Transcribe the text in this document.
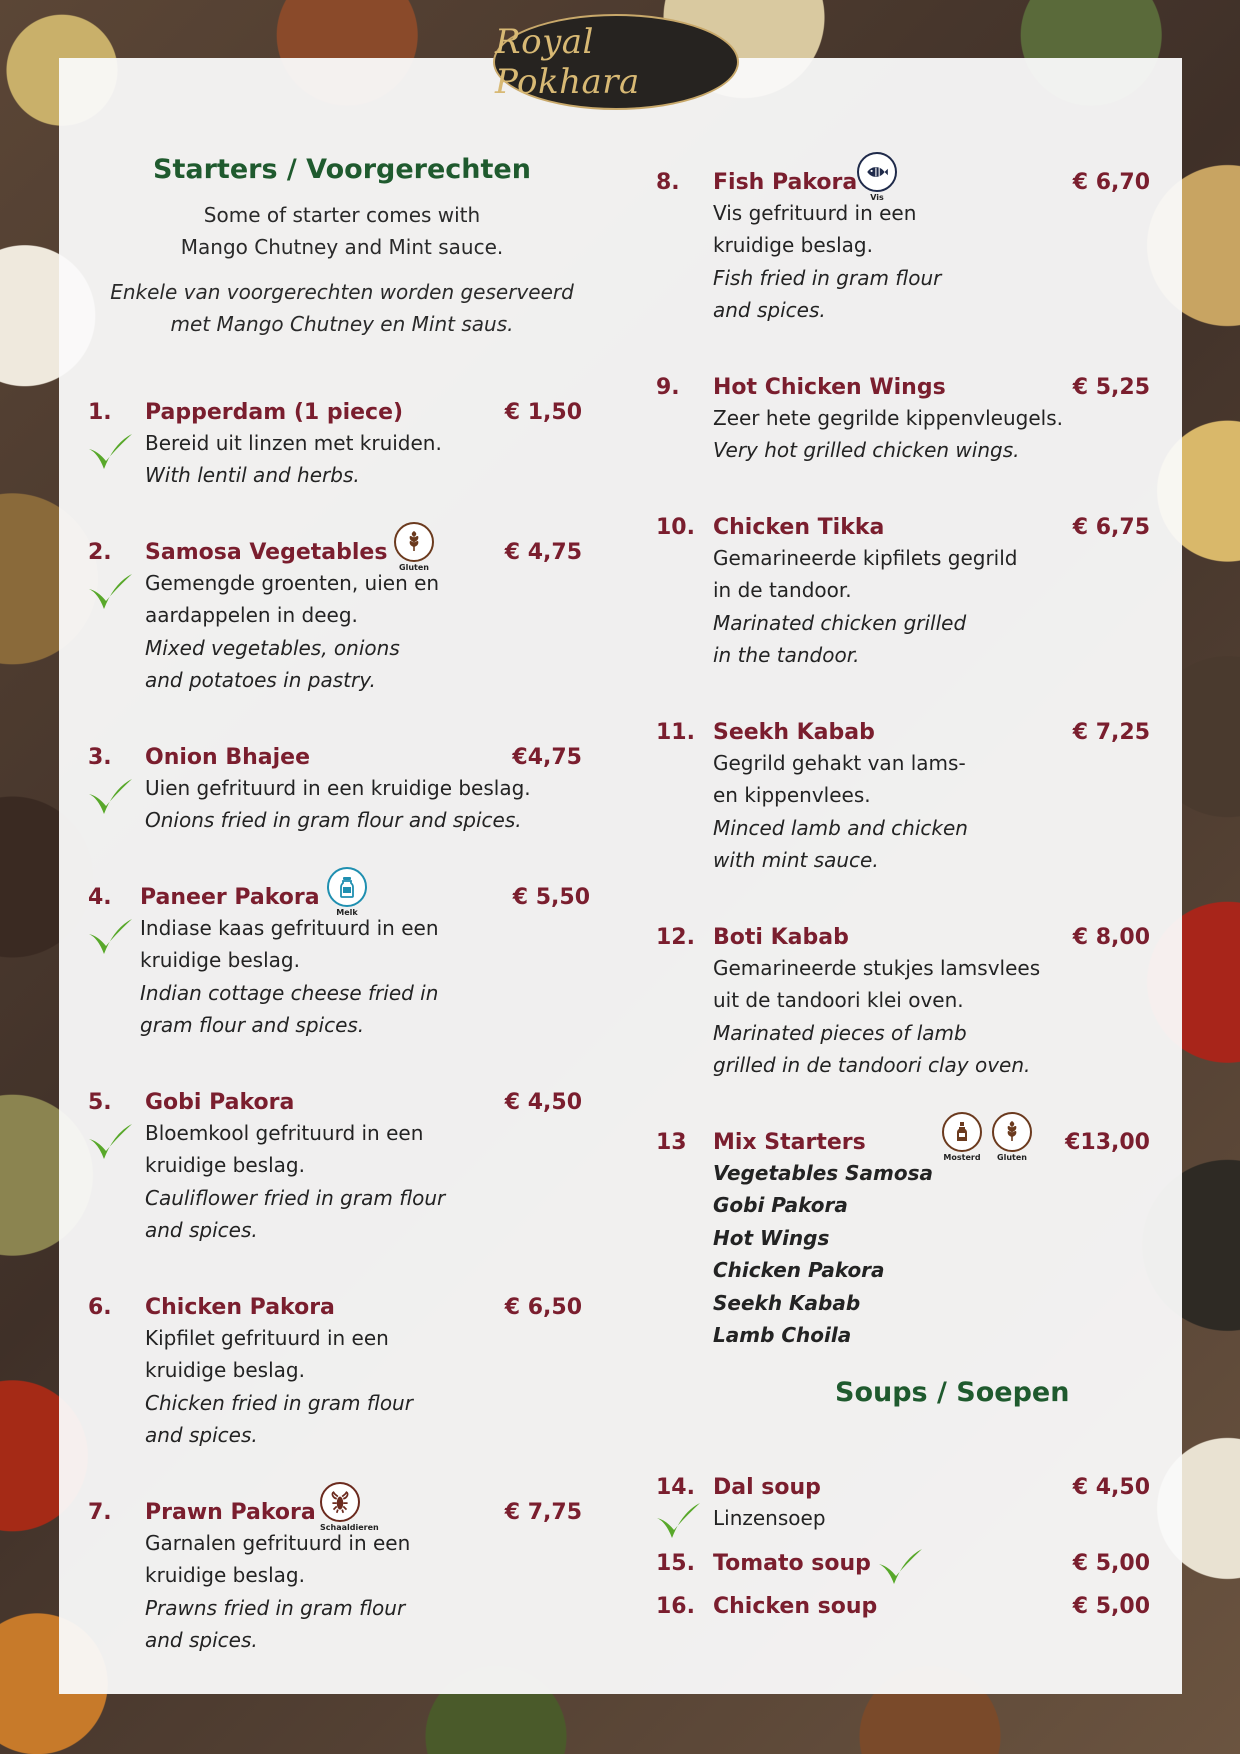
Royal Pokhara
Starters / Voorgerechten
Some of starter comes with
Mango Chutney and Mint sauce.
Enkele van voorgerechten worden geserveerd
met Mango Chutney en Mint saus.
1. Papperdam (1 piece)	€ 1,50
Bereid uit linzen met kruiden.
With lentil and herbs.
2. Samosa Vegetables	€ 4,75
Gemengde groenten, uien en
aardappelen in deeg.
Mixed vegetables, onions
and potatoes in pastry.
Gluten
3. Onion Bhajee	€4,75
Uien gefrituurd in een kruidige beslag.
Onions fried in gram flour and spices.
4. Paneer Pakora	€ 5,50
Indiase kaas gefrituurd in een
kruidige beslag.
Indian cottage cheese fried in
gram flour and spices.
Melk
5. Gobi Pakora	€ 4,50
Bloemkool gefrituurd in een
kruidige beslag.
Cauliflower fried in gram flour
and spices.
6. Chicken Pakora	€ 6,50
Kipfilet gefrituurd in een
kruidige beslag.
Chicken fried in gram flour
and spices.
7. Prawn Pakora	€ 7,75
Garnalen gefrituurd in een
kruidige beslag.
Prawns fried in gram flour
and spices.
Schaaldieren
8. Fish Pakora	€ 6,70
Vis gefrituurd in een
kruidige beslag.
Fish fried in gram flour
and spices.
Vis
9. Hot Chicken Wings	€ 5,25
Zeer hete gegrilde kippenvleugels.
Very hot grilled chicken wings.
10. Chicken Tikka	€ 6,75
Gemarineerde kipfilets gegrild
in de tandoor.
Marinated chicken grilled
in the tandoor.
11. Seekh Kabab	€ 7,25
Gegrild gehakt van lams-
en kippenvlees.
Minced lamb and chicken
with mint sauce.
12. Boti Kabab	€ 8,00
Gemarineerde stukjes lamsvlees
uit de tandoori klei oven.
Marinated pieces of lamb
grilled in de tandoori clay oven.
13 Mix Starters	€13,00
Vegetables Samosa
Gobi Pakora
Hot Wings
Chicken Pakora
Seekh Kabab
Lamb Choila
Mosterd	Gluten
Soups / Soepen
14. Dal soup	€ 4,50
Linzensoep
15. Tomato soup	€ 5,00
16. Chicken soup	€ 5,00
